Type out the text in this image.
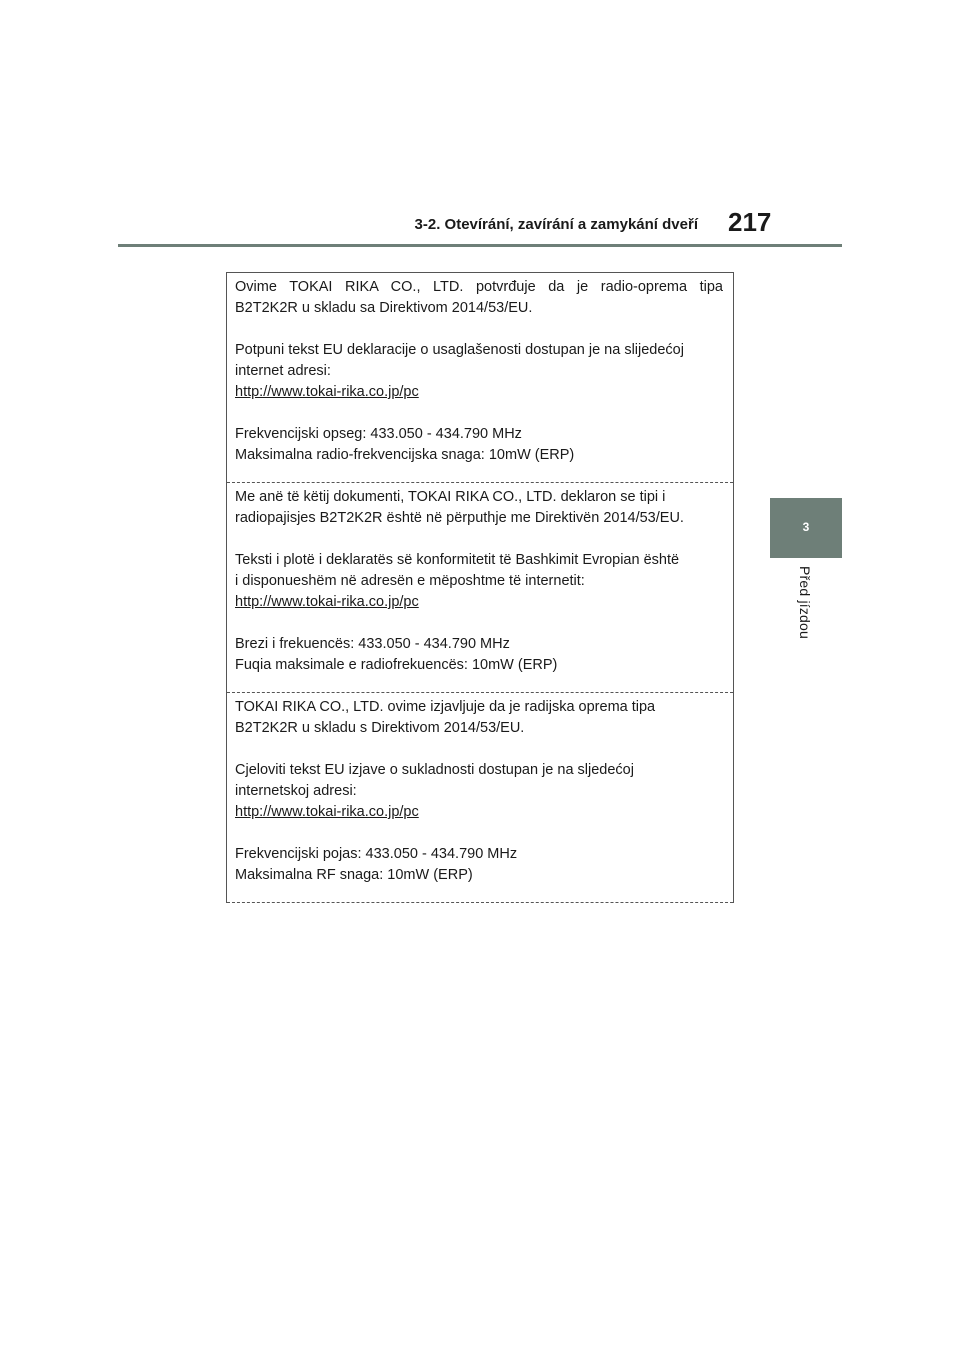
3-2. Otevírání, zavírání a zamykání dveří 217
3
Před jízdou
Ovime TOKAI RIKA CO., LTD. potvrđuje da je radio-oprema tipa
B2T2K2R u skladu sa Direktivom 2014/53/EU.
Potpuni tekst EU deklaracije o usaglašenosti dostupan je na slijedećoj
internet adresi:
http://www.tokai-rika.co.jp/pc
Frekvencijski opseg: 433.050 - 434.790 MHz
Maksimalna radio-frekvencijska snaga: 10mW (ERP)
Me anë të këtij dokumenti, TOKAI RIKA CO., LTD. deklaron se tipi i
radiopajisjes B2T2K2R është në përputhje me Direktivën 2014/53/EU.
Teksti i plotë i deklaratës së konformitetit të Bashkimit Evropian është
i disponueshëm në adresën e mëposhtme të internetit:
http://www.tokai-rika.co.jp/pc
Brezi i frekuencës: 433.050 - 434.790 MHz
Fuqia maksimale e radiofrekuencës: 10mW (ERP)
TOKAI RIKA CO., LTD. ovime izjavljuje da je radijska oprema tipa
B2T2K2R u skladu s Direktivom 2014/53/EU.
Cjeloviti tekst EU izjave o sukladnosti dostupan je na sljedećoj
internetskoj adresi:
http://www.tokai-rika.co.jp/pc
Frekvencijski pojas: 433.050 - 434.790 MHz
Maksimalna RF snaga: 10mW (ERP)
